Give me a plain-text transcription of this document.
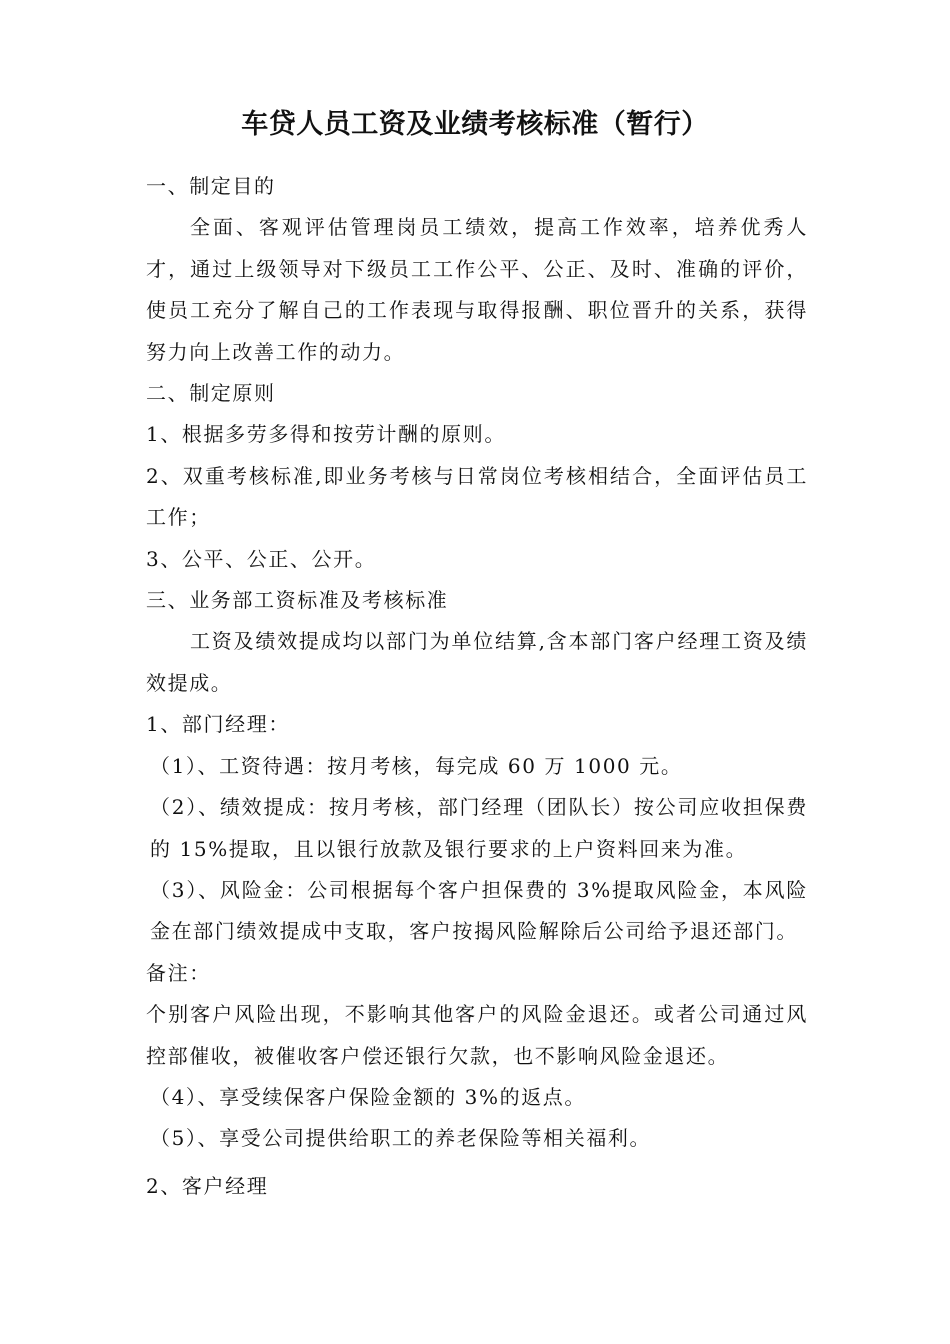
车贷人员工资及业绩考核标准（暂行）

一、制定目的

全面、客观评估管理岗员工绩效，提高工作效率，培养优秀人才，通过上级领导对下级员工工作公平、公正、及时、准确的评价，使员工充分了解自己的工作表现与取得报酬、职位晋升的关系，获得努力向上改善工作的动力。

二、制定原则

1、根据多劳多得和按劳计酬的原则。

2、双重考核标准,即业务考核与日常岗位考核相结合，全面评估员工工作；

3、公平、公正、公开。

三、业务部工资标准及考核标准

工资及绩效提成均以部门为单位结算,含本部门客户经理工资及绩效提成。

1、部门经理：

（1）、工资待遇：按月考核，每完成 60 万 1000 元。

（2）、绩效提成：按月考核，部门经理（团队长）按公司应收担保费的 15%提取，且以银行放款及银行要求的上户资料回来为准。

（3）、风险金：公司根据每个客户担保费的 3%提取风险金，本风险金在部门绩效提成中支取，客户按揭风险解除后公司给予退还部门。

备注：

个别客户风险出现，不影响其他客户的风险金退还。或者公司通过风控部催收，被催收客户偿还银行欠款，也不影响风险金退还。

（4）、享受续保客户保险金额的 3%的返点。

（5）、享受公司提供给职工的养老保险等相关福利。

2、客户经理
